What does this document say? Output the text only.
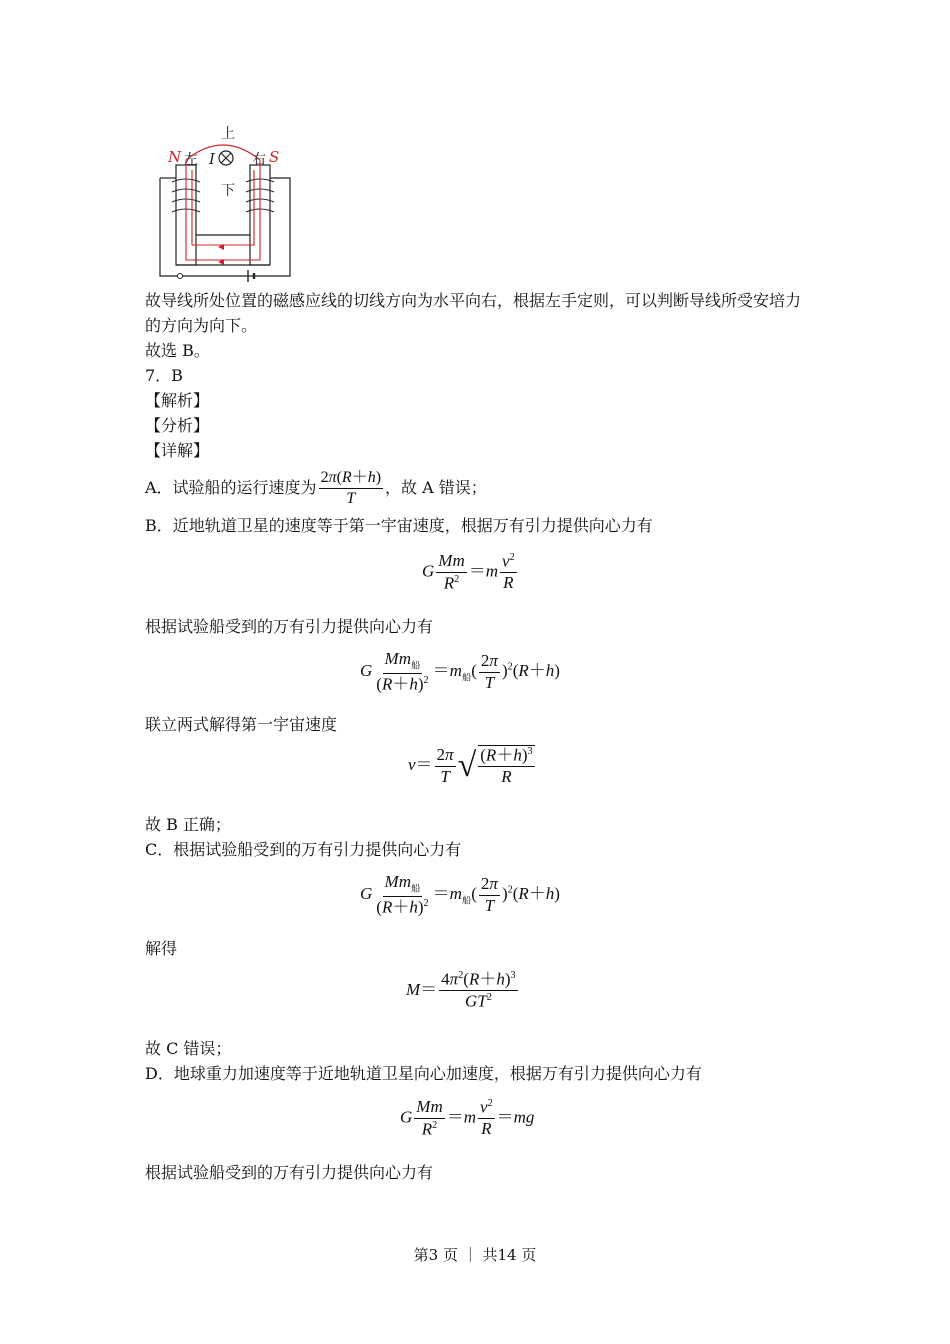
上
下
左	右
N	S
I
故导线所处位置的磁感应线的切线方向为水平向右，根据左手定则，可以判断导线所受安培力的方向为向下。
故选 B。
7．B
【解析】
【分析】
【详解】
A．试验船的运行速度为 $\frac{2\pi(R+h)}{T}$ ，故 A 错误；
B．近地轨道卫星的速度等于第一宇宙速度，根据万有引力提供向心力有
G $\frac{Mm}{R^2} =m \frac{v^2}{R}$
根据试验船受到的万有引力提供向心力有
G $\frac{Mm_船}{(R+h)^2} =m_船( \frac{2\pi}{T} )^2(R+h)$
联立两式解得第一宇宙速度
$v= \frac{2\pi}{T}$ √ $\frac{(R+h)^3}{R}$
故 B 正确；
C．根据试验船受到的万有引力提供向心力有
G $\frac{Mm_船}{(R+h)^2} =m_船( \frac{2\pi}{T} )^2(R+h)$
解得
$M= \frac{4\pi^2(R+h)^3}{GT^2}$
故 C 错误；
D．地球重力加速度等于近地轨道卫星向心加速度，根据万有引力提供向心力有
G $\frac{Mm}{R^2} =m \frac{v^2}{R} =mg$
根据试验船受到的万有引力提供向心力有
第3 页 ｜ 共14 页
